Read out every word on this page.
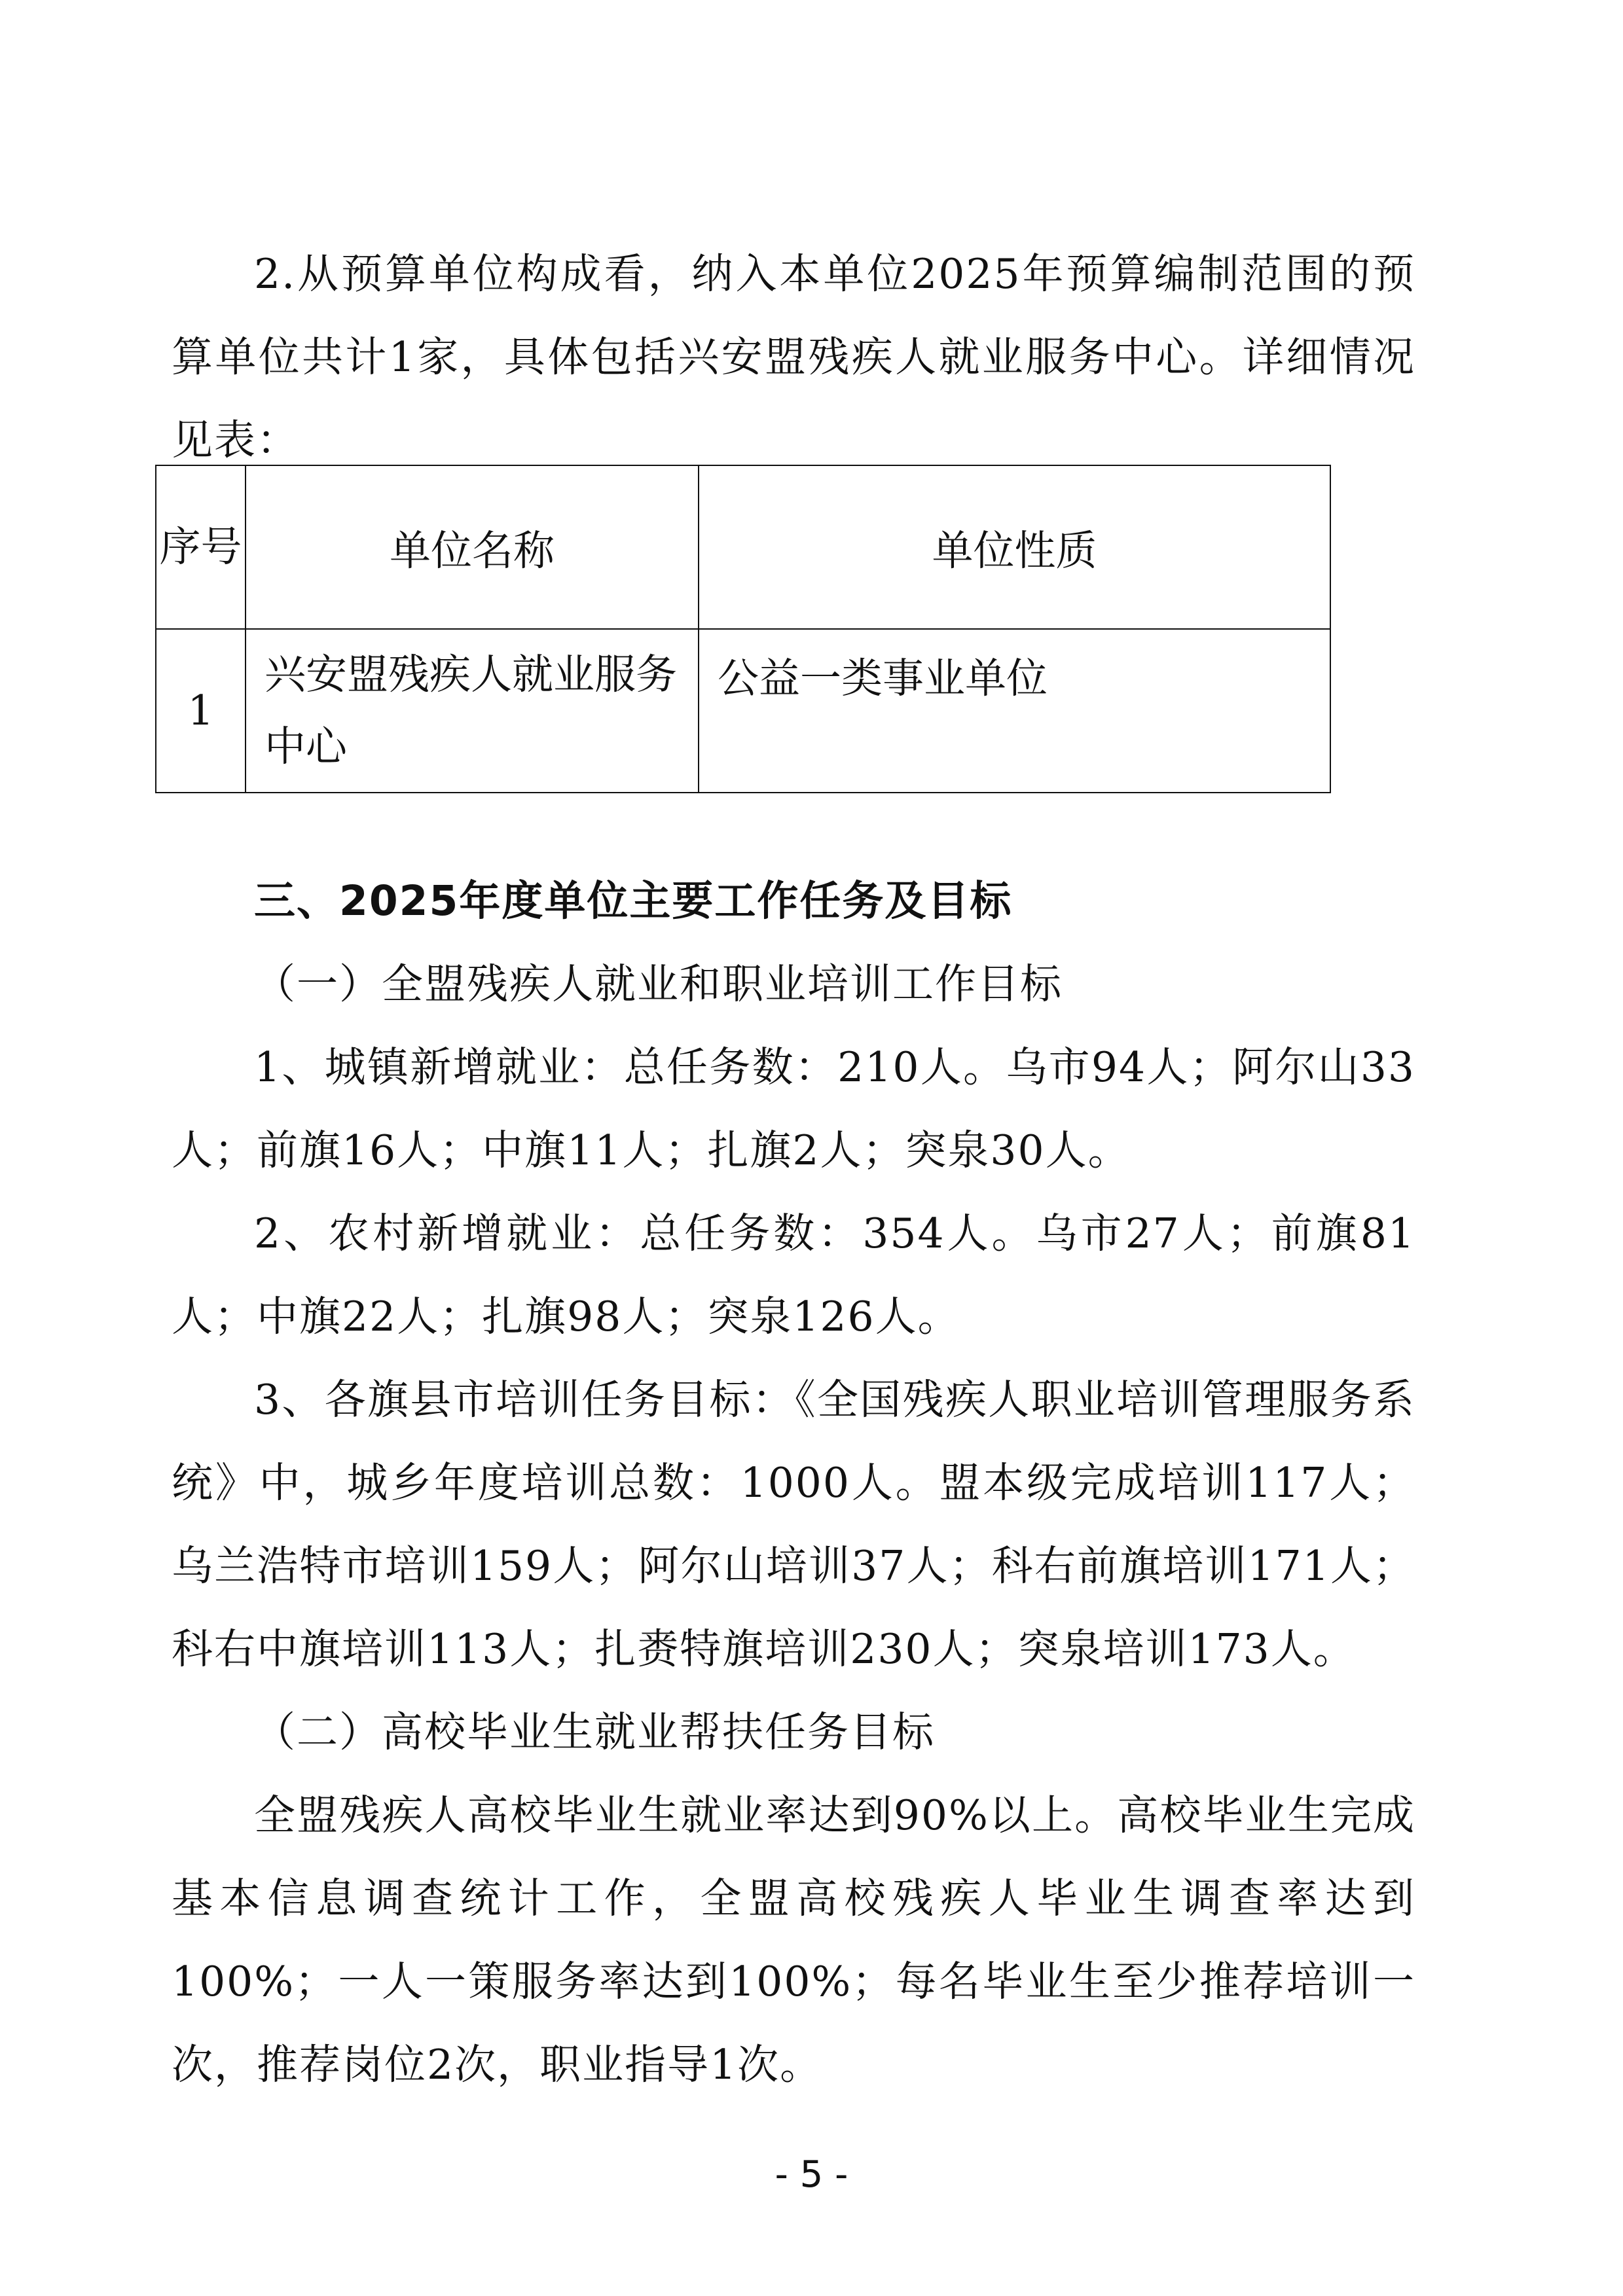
2.从预算单位构成看，纳入本单位2025年预算编制范围的预算单位共计1家，具体包括兴安盟残疾人就业服务中心。详细情况见表：

序号	单位名称	单位性质
1	兴安盟残疾人就业服务中心	公益一类事业单位

三、2025年度单位主要工作任务及目标

（一）全盟残疾人就业和职业培训工作目标

1、城镇新增就业：总任务数：210人。乌市94人；阿尔山33人；前旗16人；中旗11人；扎旗2人；突泉30人。

2、农村新增就业：总任务数：354人。乌市27人；前旗81人；中旗22人；扎旗98人；突泉126人。

3、各旗县市培训任务目标：《全国残疾人职业培训管理服务系统》中，城乡年度培训总数：1000人。盟本级完成培训117人；乌兰浩特市培训159人；阿尔山培训37人；科右前旗培训171人；科右中旗培训113人；扎赉特旗培训230人；突泉培训173人。

（二）高校毕业生就业帮扶任务目标

全盟残疾人高校毕业生就业率达到90%以上。高校毕业生完成基本信息调查统计工作，全盟高校残疾人毕业生调查率达到100%；一人一策服务率达到100%；每名毕业生至少推荐培训一次，推荐岗位2次，职业指导1次。

- 5 -
